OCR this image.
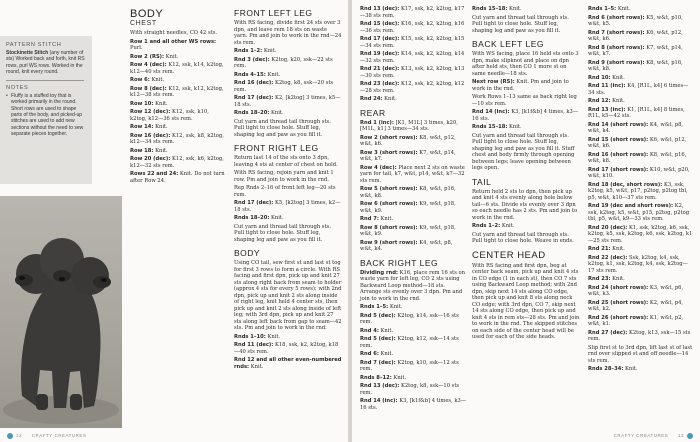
PATTERN STITCH
Stockinette Stitch (any number of sts) Worked back and forth, knit RS rows, purl WS rows. Worked in the round, knit every round.
NOTES
• Fluffy is a stuffed toy that is worked primarily in the round. Short rows are used to shape parts of the body, and picked-up stitches are used to add new sections without the need to sew separate pieces together.
BODY
CHEST
With straight needles, CO 42 sts.
Row 1 and all other WS rows: Purl.
Row 2 (RS): Knit.
Row 4 (dec): K12, ssk, k14, k2tog, k12—40 sts rem.
Row 6: Knit.
Row 8 (dec): K12, ssk, k12, k2tog, k12—38 sts rem.
Row 10: Knit.
Row 12 (dec): K12, ssk, k10, k2tog, k12—36 sts rem.
Row 14: Knit.
Row 16 (dec): K12, ssk, k8, k2tog, k12—34 sts rem.
Row 18: Knit.
Row 20 (dec): K12, ssk, k6, k2tog, k12—32 sts rem.
Rows 22 and 24: Knit. Do not turn after Row 24.
FRONT LEFT LEG
With RS facing, divide first 24 sts over 3 dpn, and leave rem 18 sts on waste yarn. Pm and join to work in the rnd—24 sts rem.
Rnds 1–2: Knit.
Rnd 3 (dec): K2tog, k20, ssk—22 sts rem.
Rnds 4–15: Knit.
Rnd 16 (dec): K2tog, k8, ssk—20 sts rem.
Rnd 17 (dec): K2, [k2tog] 3 times, k5—18 sts.
Rnds 18–20: Knit.
Cut yarn and thread tail through sts. Pull tight to close hole. Stuff leg, shaping leg and paw as you fill it.
FRONT RIGHT LEG
Return last 14 of the sts onto 3 dpn, leaving 4 sts at center of chest on hold.
With RS facing, rejoin yarn and knit 1 row. Pm and join to work in the rnd.
Rep Rnds 2–16 of front left leg—20 sts rem.
Rnd 17 (dec): K5, [k2tog] 3 times, k2—18 sts.
Rnds 18–20: Knit.
Cut yarn and thread tail through sts. Pull tight to close hole. Stuff leg, shaping leg and paw as you fill it.
BODY
Using CO tail, sew first st and last st tog for first 3 rows to form a circle. With RS facing and first dpn, pick up and knit 27 sts along right back from seam to holder (approx 4 sts for every 5 rows); with 2nd dpn, pick up and knit 2 sts along inside of right leg, knit held 4 center sts, then pick up and knit 2 sts along inside of left leg; with 3rd dpn, pick up and knit 27 sts along left back from gap to seam—42 sts. Pm and join to work in the rnd.
Rnds 1–10: Knit.
Rnd 11 (dec): K18, ssk, k2, k2tog, k18—40 sts rem.
Rnd 12 and all other even-numbered rnds: Knit.
12 CRAFTY CREATURES
Rnd 13 (dec): K17, ssk, k2, k2tog, k17—38 sts rem.
Rnd 15 (dec): K16, ssk, k2, k2tog, k16—36 sts rem.
Rnd 17 (dec): K15, ssk, k2, k2tog, k15—34 sts rem.
Rnd 19 (dec): K14, ssk, k2, k2tog, k14—32 sts rem.
Rnd 21 (dec): K13, ssk, k2, k2tog, k13—30 sts rem.
Rnd 23 (dec): K12, ssk, k2, k2tog, k12—28 sts rem.
Rnd 24: Knit.
REAR
Rnd 1 (inc): [K1, M1L] 3 times, k20, [M1L, k1] 3 times—34 sts.
Row 2 (short rows): K8, w&t, p12, w&t, k6.
Row 3 (short rows): K7, w&t, p14, w&t, k7.
Row 4 (dec): Place next 2 sts on waste yarn for tail, k7, w&t, p14, w&t, k7—32 sts rem.
Row 5 (short rows): K8, w&t, p16, w&t, k8.
Row 6 (short rows): K9, w&t, p18, w&t, k9.
Rnd 7: Knit.
Row 8 (short rows): K9, w&t, p18, w&t, k9.
Row 9 (short rows): K4, w&t, p8, w&t, k4.
BACK RIGHT LEG
Dividing rnd: K16, place rem 16 sts on waste yarn for left leg, CO 2 sts using Backward Loop method—18 sts. Arrange sts evenly over 3 dpn. Pm and join to work in the rnd.
Rnds 1–5: Knit.
Rnd 5 (dec): K2tog, k14, ssk—16 sts rem.
Rnd 4: Knit.
Rnd 5 (dec): K2tog, k12, ssk—14 sts rem.
Rnd 6: Knit.
Rnd 7 (dec): K2tog, k10, ssk—12 sts rem.
Rnds 8–12: Knit.
Rnd 13 (dec): K2tog, k8, ssk—10 sts rem.
Rnd 14 (inc): K3, [k1f&b] 4 times, k3—16 sts.
Rnds 15–18: Knit.
Cut yarn and thread tail through sts. Pull tight to close hole. Stuff leg, shaping leg and paw as you fill it.
BACK LEFT LEG
With WS facing, place 16 held sts onto 3 dpn, make slipknot and place on dpn after held sts, then CO 1 more st on same needle—18 sts.
Next row (RS): Knit. Pm and join to work in the rnd.
Work Rows 1–13 same as back right leg—10 sts rem.
Rnd 14 (inc): K3, [k1f&b] 4 times, k3—16 sts.
Rnds 15–18: Knit.
Cut yarn and thread tail through sts. Pull tight to close hole. Stuff leg, shaping leg and paw as you fill it. Stuff chest and body firmly through opening between legs; leave opening between legs open.
TAIL
Return held 2 sts to dpn, then pick up and knit 4 sts evenly along hole below tail—6 sts. Divide sts evenly over 3 dpn so each needle has 2 sts. Pm and join to work in the rnd.
Rnds 1–2: Knit.
Cut yarn and thread tail through sts. Pull tight to close hole. Weave in ends.
CENTER HEAD
With RS facing and first dpn, beg at center back seam, pick up and knit 4 sts in CO edge (1 in each st), then CO 7 sts using Backward Loop method; with 2nd dpn, skip next 14 sts along CO edge, then pick up and knit 8 sts along neck CO edge; with 3rd dpn, CO 7, skip next 14 sts along CO edge, then pick up and knit 4 sts in rem sts—28 sts. Pm and join to work in the rnd. The skipped stitches on each side of the center head will be used for each of the side heads.
Rnds 1–5: Knit.
Rnd 6 (short rows): K5, w&t, p10, w&t, k5.
Rnd 7 (short rows): K6, w&t, p12, w&t, k6.
Rnd 8 (short rows): K7, w&t, p14, w&t, k7.
Rnd 9 (short rows): K8, w&t, p16, w&t, k8.
Rnd 10: Knit.
Rnd 11 (inc): K4, [R1L, k4] 6 times—34 sts.
Rnd 12: Knit.
Rnd 13 (inc): K1, [R1L, k4] 8 times, R1L, k5—42 sts.
Rnd 14 (short rows): K4, w&t, p8, w&t, k4.
Rnd 15 (short rows): K6, w&t, p12, w&t, k6.
Rnd 16 (short rows): K8, w&t, p16, w&t, k8.
Rnd 17 (short rows): K10, w&t, p20, w&t, k10.
Rnd 18 (dec, short rows): K3, ssk, k2tog, k5, w&t, p17, p2tog, p2tog tbl, p5, w&t, k10—37 sts rem.
Rnd 19 (dec and short rows): K2, ssk, k2tog, k5, w&t, p15, p2tog, p2tog tbl, p5, w&t, k9—33 sts rem.
Rnd 20 (dec): K1, ssk, k2tog, k6, ssk, k2tog, k5, ssk, k2tog, k6, ssk, k2tog, k1—25 sts rem.
Rnd 21: Knit.
Rnd 22 (dec): Ssk, k2tog, k4, ssk, k2tog, k1, ssk, k2tog, k4, ssk, k2tog—17 sts rem.
Rnd 23: Knit.
Rnd 24 (short rows): K3, w&t, p6, w&t, k3.
Rnd 25 (short rows): K2, w&t, p4, w&t, k2.
Rnd 26 (short rows): K1, w&t, p2, w&t, k1.
Rnd 27 (dec): K2tog, k13, ssk—15 sts rem.
Slip first st to 3rd dpn, lift last st of last rnd over slipped st and off needle—14 sts rem.
Rnds 28–34: Knit.
CRAFTY CREATURES 13
